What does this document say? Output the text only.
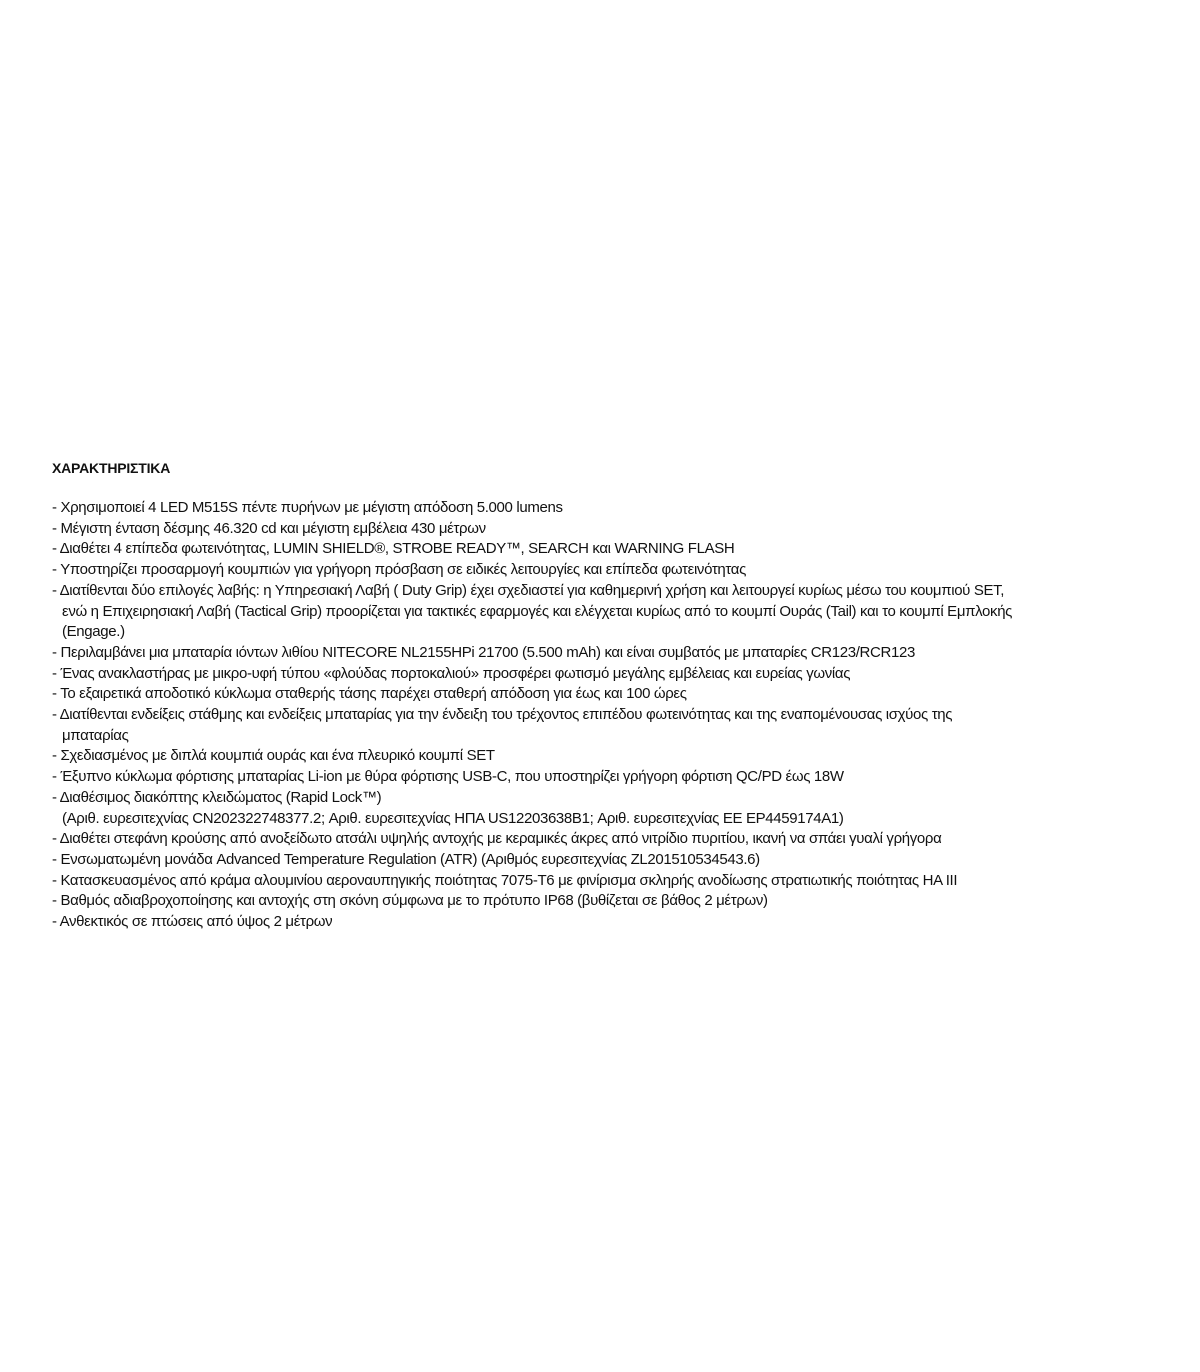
ΧΑΡΑΚΤΗΡΙΣΤΙΚΑ
- Χρησιμοποιεί 4 LED M515S πέντε πυρήνων με μέγιστη απόδοση 5.000 lumens
- Μέγιστη ένταση δέσμης 46.320 cd και μέγιστη εμβέλεια 430 μέτρων
- Διαθέτει 4 επίπεδα φωτεινότητας, LUMIN SHIELD®, STROBE READY™, SEARCH και WARNING FLASH
- Υποστηρίζει προσαρμογή κουμπιών για γρήγορη πρόσβαση σε ειδικές λειτουργίες και επίπεδα φωτεινότητας
- Διατίθενται δύο επιλογές λαβής: η Υπηρεσιακή Λαβή ( Duty Grip) έχει σχεδιαστεί για καθημερινή χρήση και λειτουργεί κυρίως μέσω του κουμπιού SET,
ενώ η Επιχειρησιακή Λαβή (Tactical Grip) προορίζεται για τακτικές εφαρμογές και ελέγχεται κυρίως από το κουμπί Ουράς (Tail) και το κουμπί Εμπλοκής
(Engage.)
- Περιλαμβάνει μια μπαταρία ιόντων λιθίου NITECORE NL2155HPi 21700 (5.500 mAh) και είναι συμβατός με μπαταρίες CR123/RCR123
- Ένας ανακλαστήρας με μικρο-υφή τύπου «φλούδας πορτοκαλιού» προσφέρει φωτισμό μεγάλης εμβέλειας και ευρείας γωνίας
- Το εξαιρετικά αποδοτικό κύκλωμα σταθερής τάσης παρέχει σταθερή απόδοση για έως και 100 ώρες
- Διατίθενται ενδείξεις στάθμης και ενδείξεις μπαταρίας για την ένδειξη του τρέχοντος επιπέδου φωτεινότητας και της εναπομένουσας ισχύος της
μπαταρίας
- Σχεδιασμένος με διπλά κουμπιά ουράς και ένα πλευρικό κουμπί SET
- Έξυπνο κύκλωμα φόρτισης μπαταρίας Li-ion με θύρα φόρτισης USB-C, που υποστηρίζει γρήγορη φόρτιση QC/PD έως 18W
- Διαθέσιμος διακόπτης κλειδώματος (Rapid Lock™)
(Αριθ. ευρεσιτεχνίας CN202322748377.2; Αριθ. ευρεσιτεχνίας ΗΠΑ US12203638B1; Αριθ. ευρεσιτεχνίας ΕΕ EP4459174A1)
- Διαθέτει στεφάνη κρούσης από ανοξείδωτο ατσάλι υψηλής αντοχής με κεραμικές άκρες από νιτρίδιο πυριτίου, ικανή να σπάει γυαλί γρήγορα
- Ενσωματωμένη μονάδα Advanced Temperature Regulation (ATR) (Αριθμός ευρεσιτεχνίας ZL201510534543.6)
- Κατασκευασμένος από κράμα αλουμινίου αεροναυπηγικής ποιότητας 7075-T6 με φινίρισμα σκληρής ανοδίωσης στρατιωτικής ποιότητας HA III
- Βαθμός αδιαβροχοποίησης και αντοχής στη σκόνη σύμφωνα με το πρότυπο IP68 (βυθίζεται σε βάθος 2 μέτρων)
- Ανθεκτικός σε πτώσεις από ύψος 2 μέτρων
